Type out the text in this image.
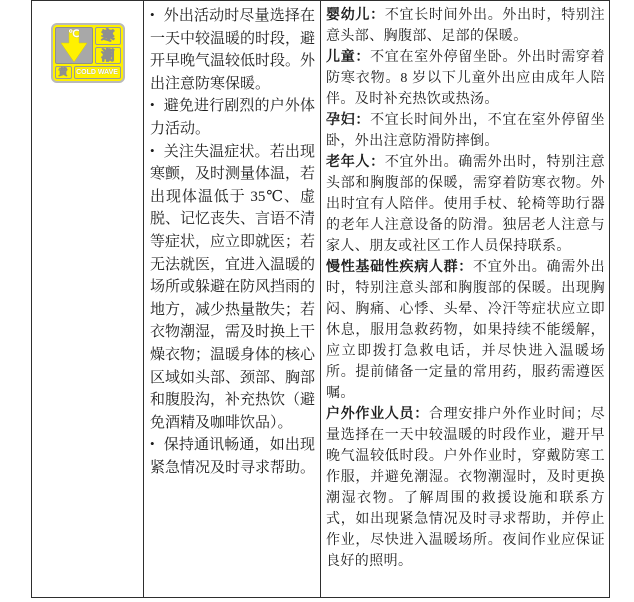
℃	寒
潮
黄	COLD WAVE

• 外出活动时尽量选择在一天中较温暖的时段，避开早晚气温较低时段。外出注意防寒保暖。

• 避免进行剧烈的户外体力活动。

• 关注失温症状。若出现寒颤，及时测量体温，若出现体温低于 35℃、虚脱、记忆丧失、言语不清等症状，应立即就医；若无法就医，宜进入温暖的场所或躲避在防风挡雨的地方，减少热量散失；若衣物潮湿，需及时换上干燥衣物；温暖身体的核心区域如头部、颈部、胸部和腹股沟，补充热饮（避免酒精及咖啡饮品）。

• 保持通讯畅通，如出现紧急情况及时寻求帮助。

婴幼儿：不宜长时间外出。外出时，特别注意头部、胸腹部、足部的保暖。

儿童：不宜在室外停留坐卧。外出时需穿着防寒衣物。8 岁以下儿童外出应由成年人陪伴。及时补充热饮或热汤。

孕妇：不宜长时间外出，不宜在室外停留坐卧，外出注意防滑防摔倒。

老年人：不宜外出。确需外出时，特别注意头部和胸腹部的保暖，需穿着防寒衣物。外出时宜有人陪伴。使用手杖、轮椅等助行器的老年人注意设备的防滑。独居老人注意与家人、朋友或社区工作人员保持联系。

慢性基础性疾病人群：不宜外出。确需外出时，特别注意头部和胸腹部的保暖。出现胸闷、胸痛、心悸、头晕、冷汗等症状应立即休息，服用急救药物，如果持续不能缓解，应立即拨打急救电话，并尽快进入温暖场所。提前储备一定量的常用药，服药需遵医嘱。

户外作业人员：合理安排户外作业时间；尽量选择在一天中较温暖的时段作业，避开早晚气温较低时段。户外作业时，穿戴防寒工作服，并避免潮湿。衣物潮湿时，及时更换潮湿衣物。了解周围的救援设施和联系方式，如出现紧急情况及时寻求帮助，并停止作业，尽快进入温暖场所。夜间作业应保证良好的照明。
